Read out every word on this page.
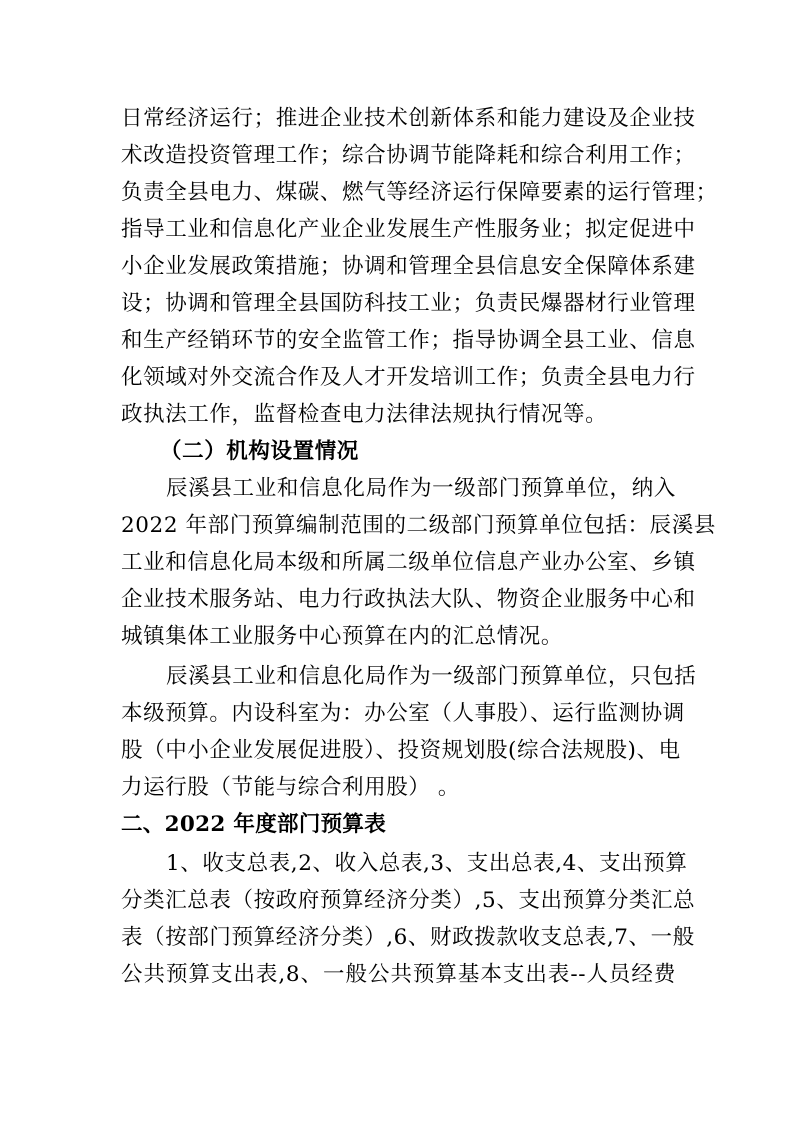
日常经济运行；推进企业技术创新体系和能力建设及企业技
术改造投资管理工作；综合协调节能降耗和综合利用工作；
负责全县电力、煤碳、燃气等经济运行保障要素的运行管理；
指导工业和信息化产业企业发展生产性服务业；拟定促进中
小企业发展政策措施；协调和管理全县信息安全保障体系建
设；协调和管理全县国防科技工业；负责民爆器材行业管理
和生产经销环节的安全监管工作；指导协调全县工业、信息
化领域对外交流合作及人才开发培训工作；负责全县电力行
政执法工作，监督检查电力法律法规执行情况等。
（二）机构设置情况
辰溪县工业和信息化局作为一级部门预算单位，纳入
2022 年部门预算编制范围的二级部门预算单位包括：辰溪县
工业和信息化局本级和所属二级单位信息产业办公室、乡镇
企业技术服务站、电力行政执法大队、物资企业服务中心和
城镇集体工业服务中心预算在内的汇总情况。
辰溪县工业和信息化局作为一级部门预算单位，只包括
本级预算。内设科室为：办公室（人事股）、运行监测协调
股（中小企业发展促进股）、投资规划股(综合法规股)、电
力运行股（节能与综合利用股） 。
二、2022 年度部门预算表
1、收支总表,2、收入总表,3、支出总表,4、支出预算
分类汇总表（按政府预算经济分类）,5、支出预算分类汇总
表（按部门预算经济分类）,6、财政拨款收支总表,7、一般
公共预算支出表,8、一般公共预算基本支出表--人员经费
